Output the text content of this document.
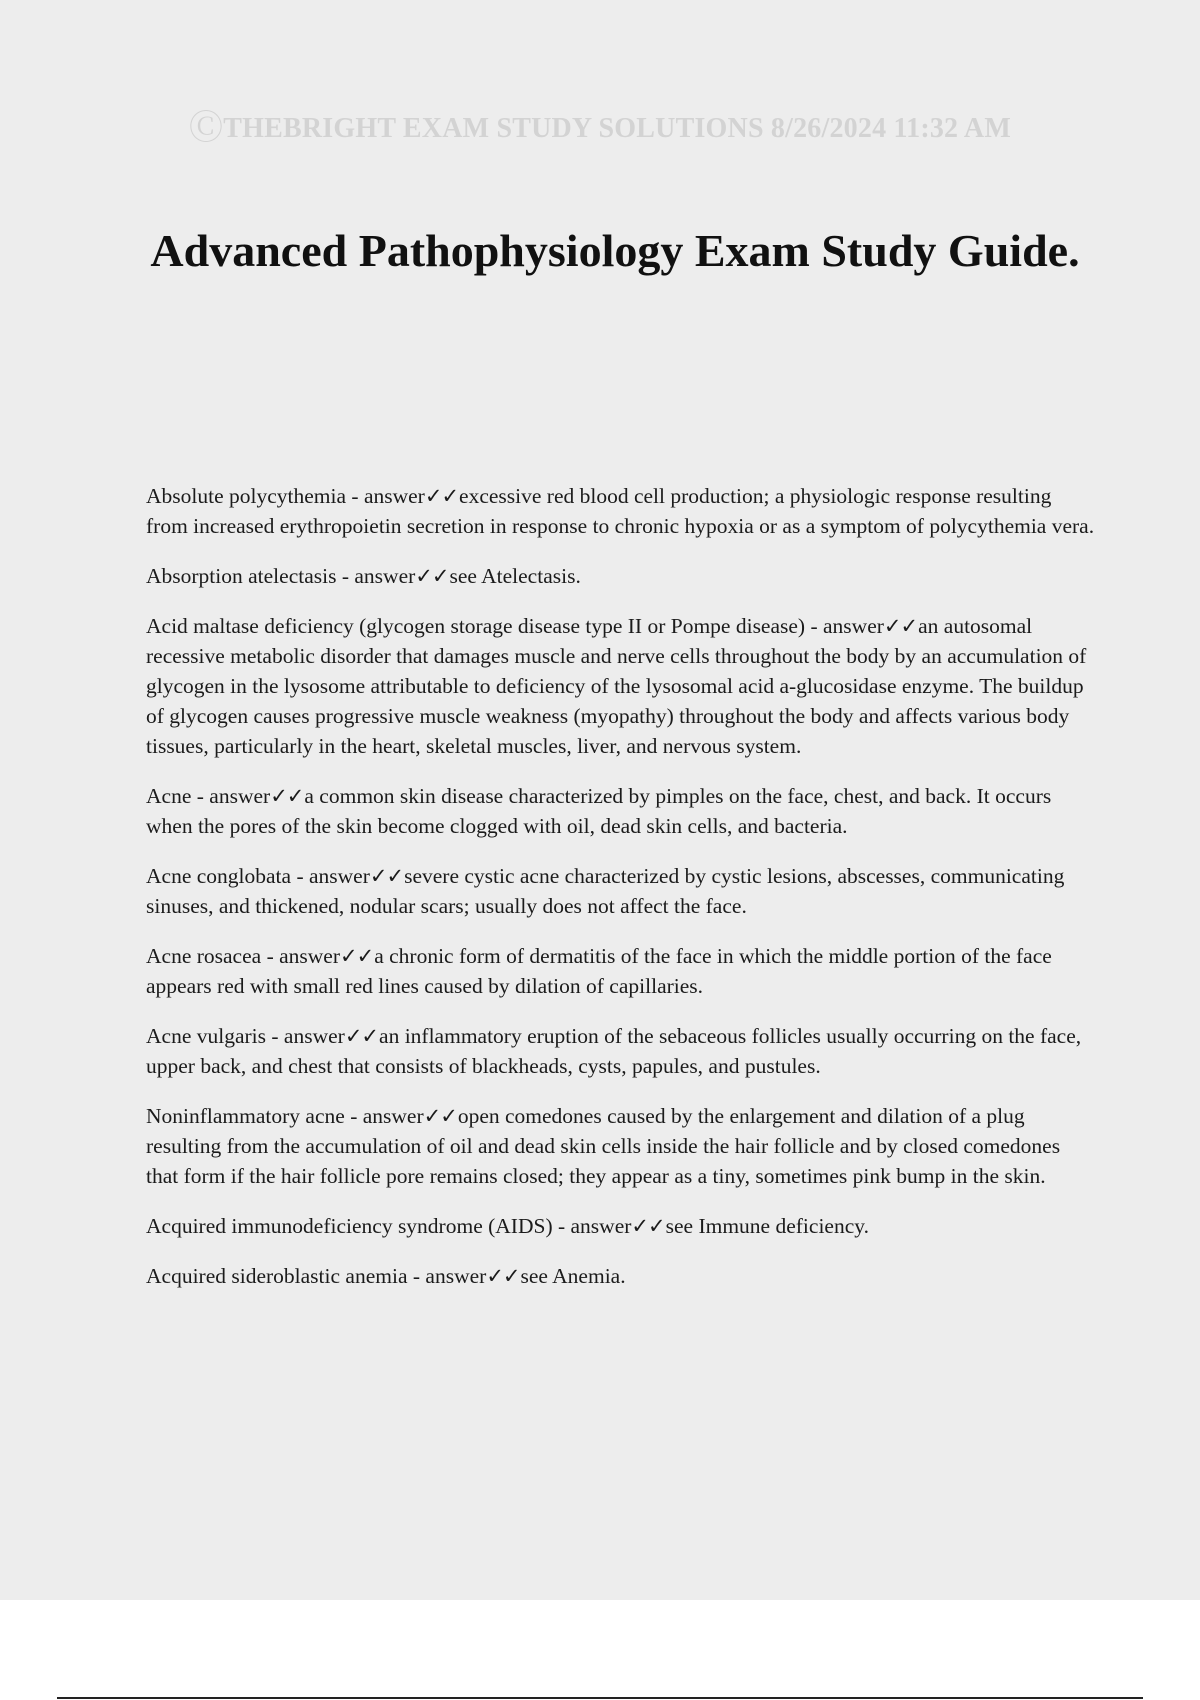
ⒸTHEBRIGHT EXAM STUDY SOLUTIONS 8/26/2024 11:32 AM
Advanced Pathophysiology Exam Study Guide.

Absolute polycythemia - answer✓✓excessive red blood cell production; a physiologic response resulting from increased erythropoietin secretion in response to chronic hypoxia or as a symptom of polycythemia vera.

Absorption atelectasis - answer✓✓see Atelectasis.

Acid maltase deficiency (glycogen storage disease type II or Pompe disease) - answer✓✓an autosomal recessive metabolic disorder that damages muscle and nerve cells throughout the body by an accumulation of glycogen in the lysosome attributable to deficiency of the lysosomal acid a-glucosidase enzyme. The buildup of glycogen causes progressive muscle weakness (myopathy) throughout the body and affects various body tissues, particularly in the heart, skeletal muscles, liver, and nervous system.

Acne - answer✓✓a common skin disease characterized by pimples on the face, chest, and back. It occurs when the pores of the skin become clogged with oil, dead skin cells, and bacteria.

Acne conglobata - answer✓✓severe cystic acne characterized by cystic lesions, abscesses, communicating sinuses, and thickened, nodular scars; usually does not affect the face.

Acne rosacea - answer✓✓a chronic form of dermatitis of the face in which the middle portion of the face appears red with small red lines caused by dilation of capillaries.

Acne vulgaris - answer✓✓an inflammatory eruption of the sebaceous follicles usually occurring on the face, upper back, and chest that consists of blackheads, cysts, papules, and pustules.

Noninflammatory acne - answer✓✓open comedones caused by the enlargement and dilation of a plug resulting from the accumulation of oil and dead skin cells inside the hair follicle and by closed comedones that form if the hair follicle pore remains closed; they appear as a tiny, sometimes pink bump in the skin.

Acquired immunodeficiency syndrome (AIDS) - answer✓✓see Immune deficiency.

Acquired sideroblastic anemia - answer✓✓see Anemia.
